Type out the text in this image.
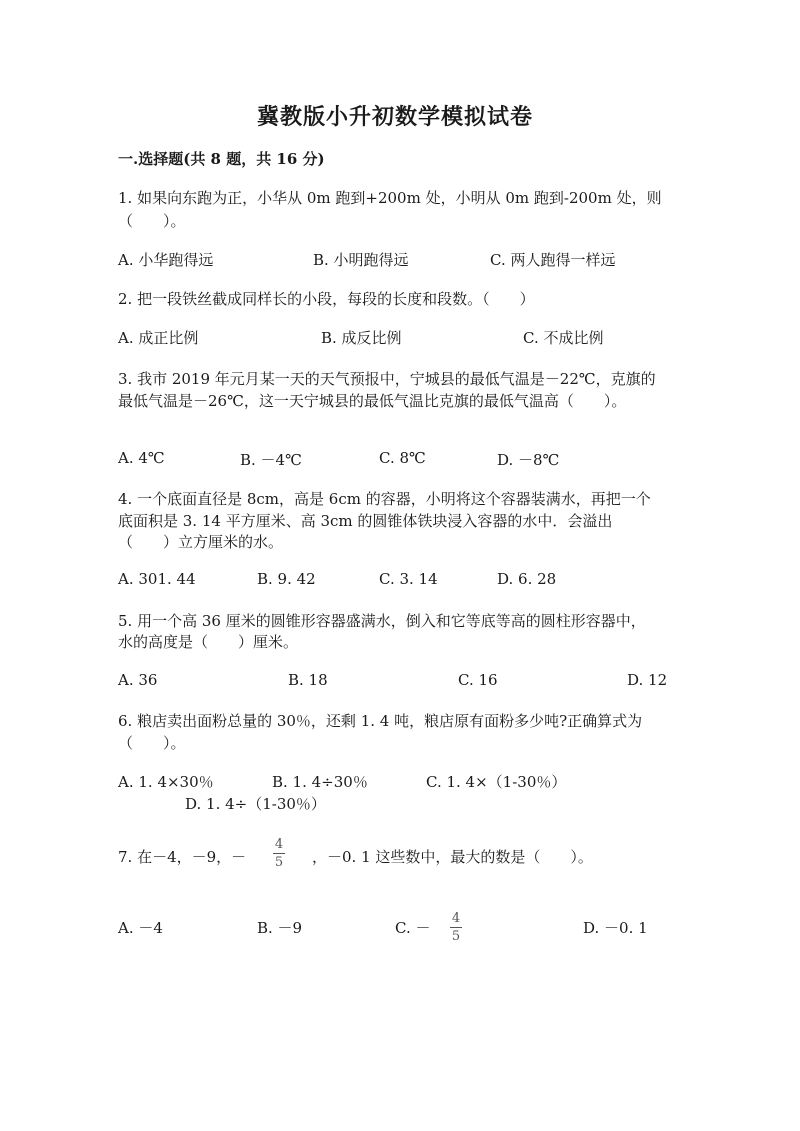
冀教版小升初数学模拟试卷
一.选择题(共 8 题，共 16 分)
1. 如果向东跑为正，小华从 0m 跑到+200m 处，小明从 0m 跑到-200m 处，则
（　　）。
A. 小华跑得远	B. 小明跑得远	C. 两人跑得一样远
2. 把一段铁丝截成同样长的小段，每段的长度和段数。（　　）
A. 成正比例	B. 成反比例	C. 不成比例
3. 我市 2019 年元月某一天的天气预报中，宁城县的最低气温是－22℃，克旗的
最低气温是－26℃，这一天宁城县的最低气温比克旗的最低气温高（　　）。
A. 4℃	B. －4℃	C. 8℃	D. －8℃
4. 一个底面直径是 8cm，高是 6cm 的容器，小明将这个容器装满水，再把一个
底面积是 3. 14 平方厘米、高 3cm 的圆锥体铁块浸入容器的水中．会溢出
（　　）立方厘米的水。
A. 301. 44	B. 9. 42	C. 3. 14	D. 6. 28
5. 用一个高 36 厘米的圆锥形容器盛满水，倒入和它等底等高的圆柱形容器中，
水的高度是（　　）厘米。
A. 36	B. 18	C. 16	D. 12
6. 粮店卖出面粉总量的 30％，还剩 1. 4 吨，粮店原有面粉多少吨?正确算式为
（　　）。
A. 1. 4×30％	B. 1. 4÷30％	C. 1. 4×（1-30％）
D. 1. 4÷（1-30％）
7. 在－4，－9，－
4
5 ，－0. 1 这些数中，最大的数是（　　）。
A. －4	B. －9	C. －
4
5	D. －0. 1
